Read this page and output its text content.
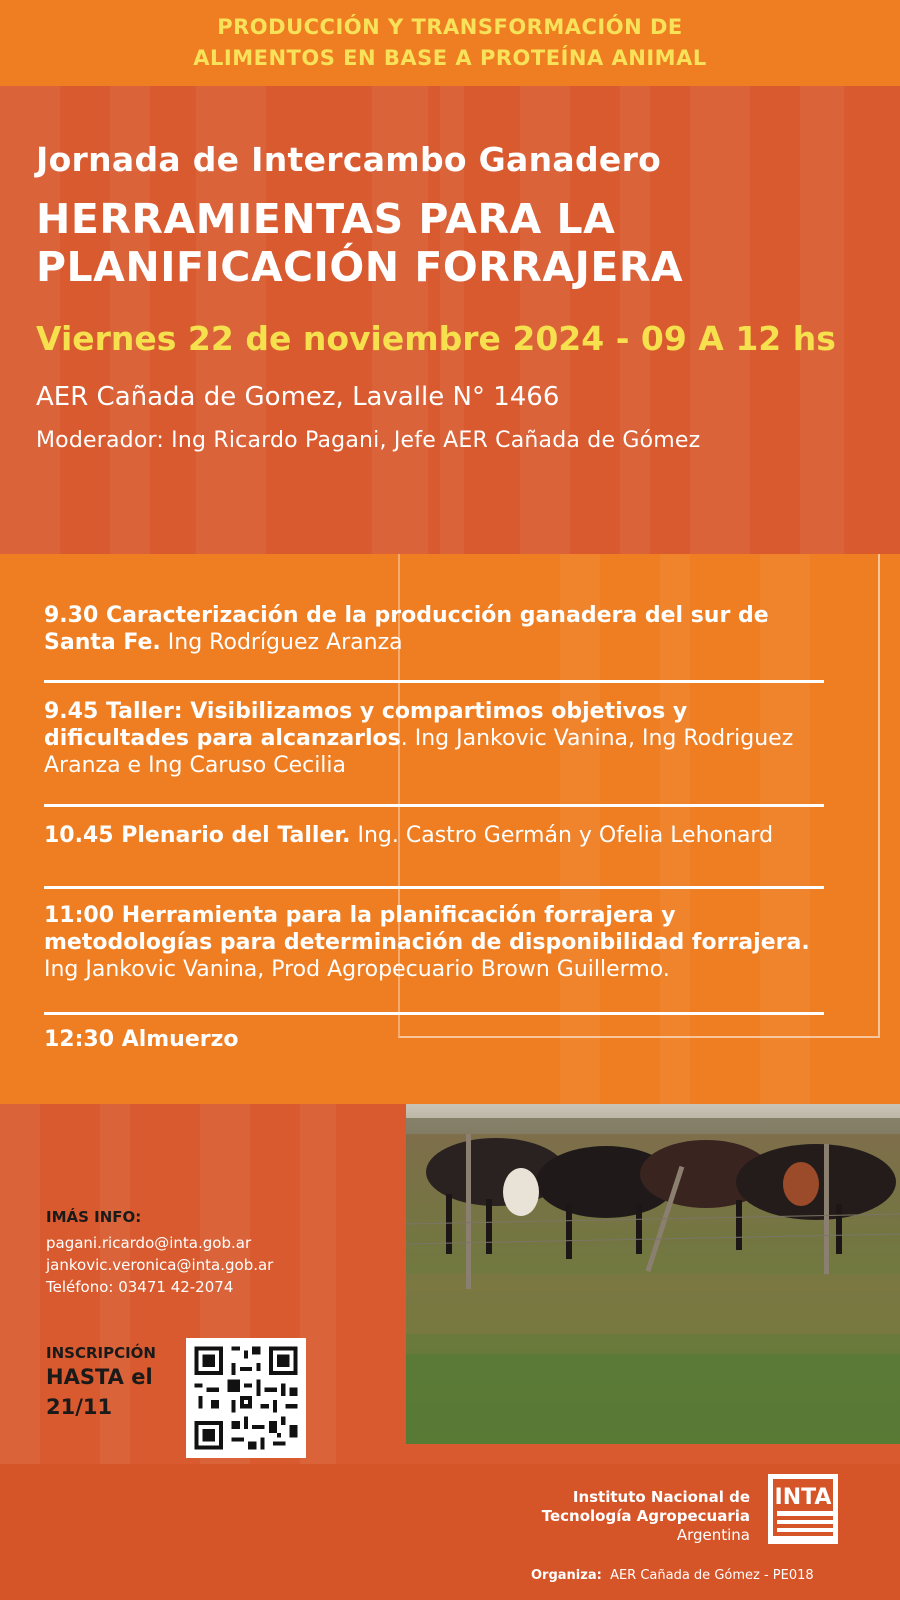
PRODUCCIÓN Y TRANSFORMACIÓN DE
ALIMENTOS EN BASE A PROTEÍNA ANIMAL

Jornada de Intercambo Ganadero

HERRAMIENTAS PARA LA
PLANIFICACIÓN FORRAJERA

Viernes 22 de noviembre 2024 - 09 A 12 hs

AER Cañada de Gomez, Lavalle N° 1466

Moderador: Ing Ricardo Pagani, Jefe AER Cañada de Gómez

9.30 Caracterización de la producción ganadera del sur de Santa Fe. Ing Rodríguez Aranza
9.45 Taller: Visibilizamos y compartimos objetivos y dificultades para alcanzarlos. Ing Jankovic Vanina, Ing Rodriguez Aranza e Ing Caruso Cecilia
10.45 Plenario del Taller. Ing. Castro Germán y Ofelia Lehonard
11:00 Herramienta para la planificación forrajera y metodologías para determinación de disponibilidad forrajera. Ing Jankovic Vanina, Prod Agropecuario Brown Guillermo.
12:30 Almuerzo

IMÁS INFO:

pagani.ricardo@inta.gob.ar

jankovic.veronica@inta.gob.ar

Teléfono: 03471 42-2074

INSCRIPCIÓN
HASTA el
21/11
Instituto Nacional de
Tecnología Agropecuaria
Argentina
INTA
Organiza: AER Cañada de Gómez - PE018
